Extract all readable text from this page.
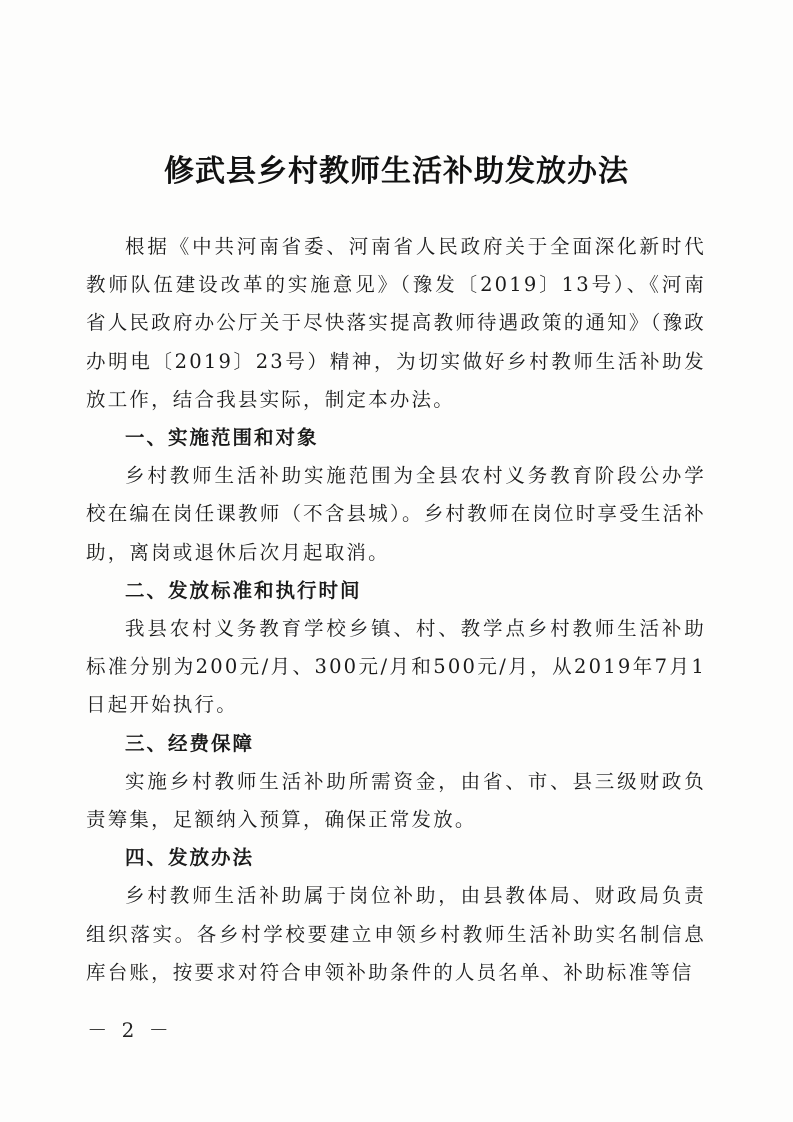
修武县乡村教师生活补助发放办法

根据《中共河南省委、河南省人民政府关于全面深化新时代教师队伍建设改革的实施意见》（豫发〔2019〕13号）、《河南省人民政府办公厅关于尽快落实提高教师待遇政策的通知》（豫政办明电〔2019〕23号）精神，为切实做好乡村教师生活补助发放工作，结合我县实际，制定本办法。

一、实施范围和对象

乡村教师生活补助实施范围为全县农村义务教育阶段公办学校在编在岗任课教师（不含县城）。乡村教师在岗位时享受生活补助，离岗或退休后次月起取消。

二、发放标准和执行时间

我县农村义务教育学校乡镇、村、教学点乡村教师生活补助标准分别为200元/月、300元/月和500元/月，从2019年7月1日起开始执行。

三、经费保障

实施乡村教师生活补助所需资金，由省、市、县三级财政负责筹集，足额纳入预算，确保正常发放。

四、发放办法

乡村教师生活补助属于岗位补助，由县教体局、财政局负责组织落实。各乡村学校要建立申领乡村教师生活补助实名制信息库台账，按要求对符合申领补助条件的人员名单、补助标准等信

－ 2 －
